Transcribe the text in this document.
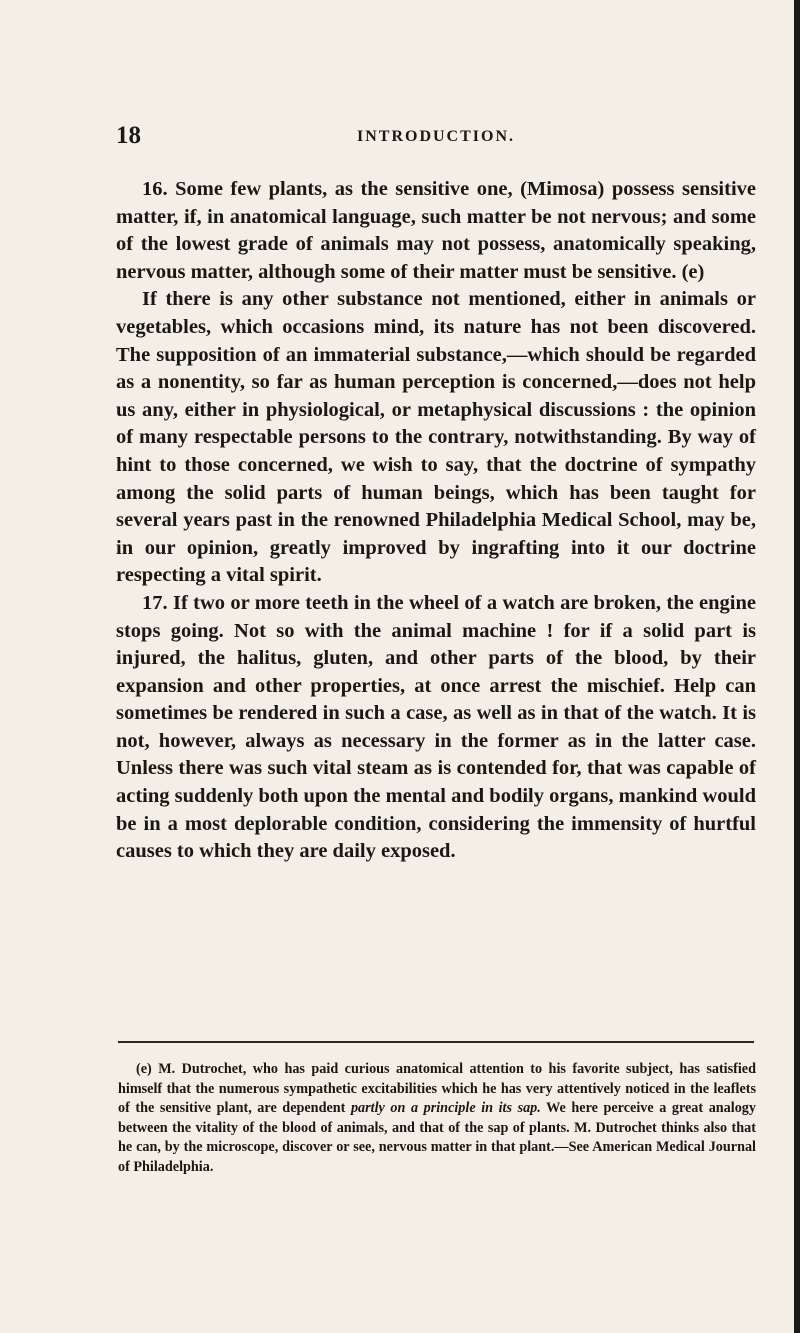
18	INTRODUCTION.

16. Some few plants, as the sensitive one, (Mimosa) possess sensitive matter, if, in anatomical language, such matter be not nervous; and some of the lowest grade of animals may not possess, anatomically speaking, nervous matter, although some of their matter must be sensitive. (e)

If there is any other substance not mentioned, either in animals or vegetables, which occasions mind, its nature has not been discovered. The supposition of an immaterial substance,—which should be regarded as a nonentity, so far as human perception is concerned,—does not help us any, either in physiological, or metaphysical discussions : the opinion of many respectable persons to the contrary, notwithstanding. By way of hint to those concerned, we wish to say, that the doctrine of sympathy among the solid parts of human beings, which has been taught for several years past in the renowned Philadelphia Medical School, may be, in our opinion, greatly improved by ingrafting into it our doctrine respecting a vital spirit.

17. If two or more teeth in the wheel of a watch are broken, the engine stops going. Not so with the animal machine ! for if a solid part is injured, the halitus, gluten, and other parts of the blood, by their expansion and other properties, at once arrest the mischief. Help can sometimes be rendered in such a case, as well as in that of the watch. It is not, however, always as necessary in the former as in the latter case. Unless there was such vital steam as is contended for, that was capable of acting suddenly both upon the mental and bodily organs, mankind would be in a most deplorable condition, considering the immensity of hurtful causes to which they are daily exposed.

(e) M. Dutrochet, who has paid curious anatomical attention to his favorite subject, has satisfied himself that the numerous sympathetic excitabilities which he has very attentively noticed in the leaflets of the sensitive plant, are dependent partly on a principle in its sap. We here perceive a great analogy between the vitality of the blood of animals, and that of the sap of plants. M. Dutrochet thinks also that he can, by the microscope, discover or see, nervous matter in that plant.—See American Medical Journal of Philadelphia.
